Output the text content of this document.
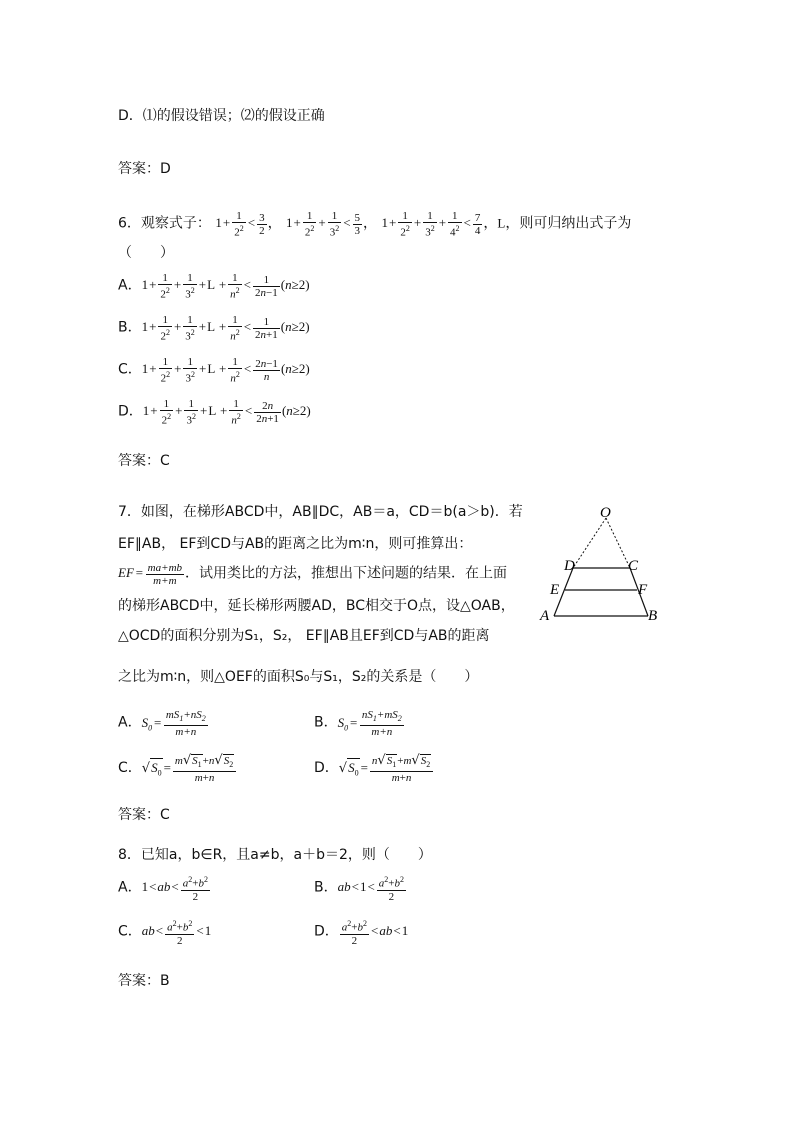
D．⑴的假设错误；⑵的假设正确
答案：D
6．观察式子： $1+ \frac{1}{2^2} < \frac{3}{2}$ ， $1+ \frac{1}{2^2} + \frac{1}{3^2} < \frac{5}{3}$ ， $1+ \frac{1}{2^2} + \frac{1}{3^2} + \frac{1}{4^2} < \frac{7}{4}$ ，L，则可归纳出式子为
（　　）
A．$1+ \frac{1}{2^2} + \frac{1}{3^2} +L + \frac{1}{n^2} < \frac{1}{2n-1} (n\ge 2)$
B．$1+ \frac{1}{2^2} + \frac{1}{3^2} +L + \frac{1}{n^2} < \frac{1}{2n+1} (n\ge 2)$
C．$1+ \frac{1}{2^2} + \frac{1}{3^2} +L + \frac{1}{n^2} < \frac{2n-1}{n} (n\ge 2)$
D．$1+ \frac{1}{2^2} + \frac{1}{3^2} +L + \frac{1}{n^2} < \frac{2n}{2n+1} (n\ge 2)$
答案：C
7．如图，在梯形ABCD中，AB∥DC，AB＝a，CD＝b(a＞b)．若
EF∥AB， EF到CD与AB的距离之比为m∶n，则可推算出：
$EF= \frac{ma+mb}{m+m}$ ．试用类比的方法，推想出下述问题的结果．在上面
的梯形ABCD中，延长梯形两腰AD，BC相交于O点，设△OAB，
△OCD的面积分别为S₁，S₂， EF∥AB且EF到CD与AB的距离
之比为m∶n，则△OEF的面积S₀与S₁，S₂的关系是（　　）
O
D	C
E	F
A	B
A．$S_0= \frac{mS_1+nS_2}{m+n}$	B．$S_0= \frac{nS_1+mS_2}{m+n}$
C．$√S_0 = \frac{m√S_1+n√S_2}{m+n}$	D．$√S_0 = \frac{n√S_1+m√S_2}{m+n}$
答案：C
8．已知a，b∈R，且a≠b，a＋b＝2，则（　　）
A．$1<ab< \frac{a^2+b^2}{2}$	B．$ab<1< \frac{a^2+b^2}{2}$
C．$ab< \frac{a^2+b^2}{2} <1$	D． $\frac{a^2+b^2}{2} <ab<1$
答案：B
